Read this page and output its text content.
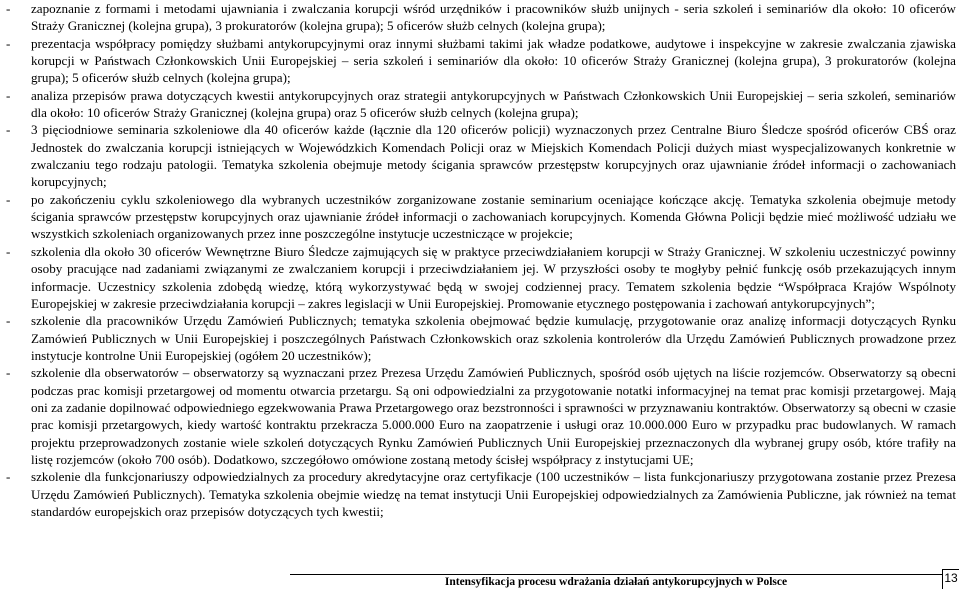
- zapoznanie z formami i metodami ujawniania i zwalczania korupcji wśród urzędników i pracowników służb unijnych - seria szkoleń i seminariów dla około: 10 oficerów Straży Granicznej (kolejna grupa), 3 prokuratorów (kolejna grupa); 5 oficerów służb celnych (kolejna grupa);
- prezentacja współpracy pomiędzy służbami antykorupcyjnymi oraz innymi służbami takimi jak władze podatkowe, audytowe i inspekcyjne w zakresie zwalczania zjawiska korupcji w Państwach Członkowskich Unii Europejskiej – seria szkoleń i seminariów dla około: 10 oficerów Straży Granicznej (kolejna grupa), 3 prokuratorów (kolejna grupa); 5 oficerów służb celnych (kolejna grupa);
- analiza przepisów prawa dotyczących kwestii antykorupcyjnych oraz strategii antykorupcyjnych w Państwach Członkowskich Unii Europejskiej – seria szkoleń, seminariów dla około: 10 oficerów Straży Granicznej (kolejna grupa) oraz 5 oficerów służb celnych (kolejna grupa);
- 3 pięciodniowe seminaria szkoleniowe dla 40 oficerów każde (łącznie dla 120 oficerów policji) wyznaczonych przez Centralne Biuro Śledcze spośród oficerów CBŚ oraz Jednostek do zwalczania korupcji istniejących w Wojewódzkich Komendach Policji oraz w Miejskich Komendach Policji dużych miast wyspecjalizowanych konkretnie w zwalczaniu tego rodzaju patologii. Tematyka szkolenia obejmuje metody ścigania sprawców przestępstw korupcyjnych oraz ujawnianie źródeł informacji o zachowaniach korupcyjnych;
- po zakończeniu cyklu szkoleniowego dla wybranych uczestników zorganizowane zostanie seminarium oceniające kończące akcję. Tematyka szkolenia obejmuje metody ścigania sprawców przestępstw korupcyjnych oraz ujawnianie źródeł informacji o zachowaniach korupcyjnych. Komenda Główna Policji będzie mieć możliwość udziału we wszystkich szkoleniach organizowanych przez inne poszczególne instytucje uczestniczące w projekcie;
- szkolenia dla około 30 oficerów Wewnętrzne Biuro Śledcze zajmujących się w praktyce przeciwdziałaniem korupcji w Straży Granicznej. W szkoleniu uczestniczyć powinny osoby pracujące nad zadaniami związanymi ze zwalczaniem korupcji i przeciwdziałaniem jej. W przyszłości osoby te mogłyby pełnić funkcję osób przekazujących innym informacje. Uczestnicy szkolenia zdobędą wiedzę, którą wykorzystywać będą w swojej codziennej pracy. Tematem szkolenia będzie “Współpraca Krajów Wspólnoty Europejskiej w zakresie przeciwdziałania korupcji – zakres legislacji w Unii Europejskiej. Promowanie etycznego postępowania i zachowań antykorupcyjnych”;
- szkolenie dla pracowników Urzędu Zamówień Publicznych; tematyka szkolenia obejmować będzie kumulację, przygotowanie oraz analizę informacji dotyczących Rynku Zamówień Publicznych w Unii Europejskiej i poszczególnych Państwach Członkowskich oraz szkolenia kontrolerów dla Urzędu Zamówień Publicznych prowadzone przez instytucje kontrolne Unii Europejskiej (ogółem 20 uczestników);
- szkolenie dla obserwatorów – obserwatorzy są wyznaczani przez Prezesa Urzędu Zamówień Publicznych, spośród osób ujętych na liście rozjemców. Obserwatorzy są obecni podczas prac komisji przetargowej od momentu otwarcia przetargu. Są oni odpowiedzialni za przygotowanie notatki informacyjnej na temat prac komisji przetargowej. Mają oni za zadanie dopilnować odpowiedniego egzekwowania Prawa Przetargowego oraz bezstronności i sprawności w przyznawaniu kontraktów. Obserwatorzy są obecni w czasie prac komisji przetargowych, kiedy wartość kontraktu przekracza 5.000.000 Euro na zaopatrzenie i usługi oraz 10.000.000 Euro w przypadku prac budowlanych. W ramach projektu przeprowadzonych zostanie wiele szkoleń dotyczących Rynku Zamówień Publicznych Unii Europejskiej przeznaczonych dla wybranej grupy osób, które trafiły na listę rozjemców (około 700 osób). Dodatkowo, szczegółowo omówione zostaną metody ścisłej współpracy z instytucjami UE;
- szkolenie dla funkcjonariuszy odpowiedzialnych za procedury akredytacyjne oraz certyfikacje (100 uczestników – lista funkcjonariuszy przygotowana zostanie przez Prezesa Urzędu Zamówień Publicznych). Tematyka szkolenia obejmie wiedzę na temat instytucji Unii Europejskiej odpowiedzialnych za Zamówienia Publiczne, jak również na temat standardów europejskich oraz przepisów dotyczących tych kwestii;
Intensyfikacja procesu wdrażania działań antykorupcyjnych w Polsce	13
